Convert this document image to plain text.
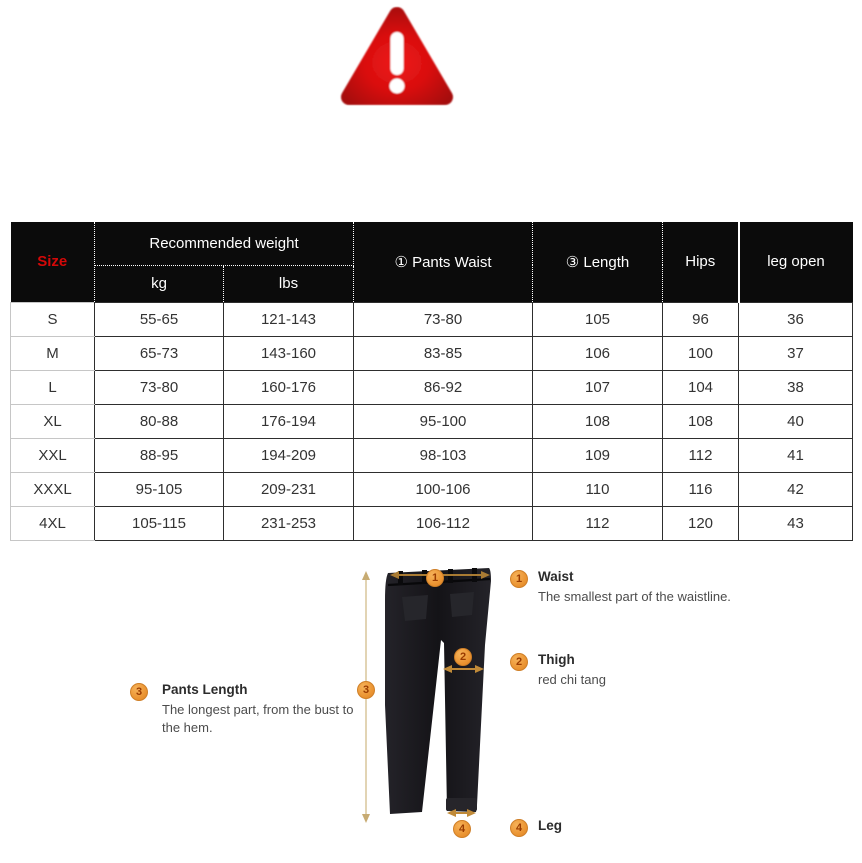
Size	Recommended weight		① Pants Waist	③ Length	Hips	leg open
	kg	lbs				
S	55-65	121-143	73-80	105	96	36
M	65-73	143-160	83-85	106	100	37
L	73-80	160-176	86-92	107	104	38
XL	80-88	176-194	95-100	108	108	40
XXL	88-95	194-209	98-103	109	112	41
XXXL	95-105	209-231	100-106	110	116	42
4XL	105-115	231-253	106-112	112	120	43
1
2
3
4
1	Waist
The smallest part of the waistline.
2	Thigh
red chi tang
3	Pants Length
The longest part, from the bust to the hem.
4	Leg
